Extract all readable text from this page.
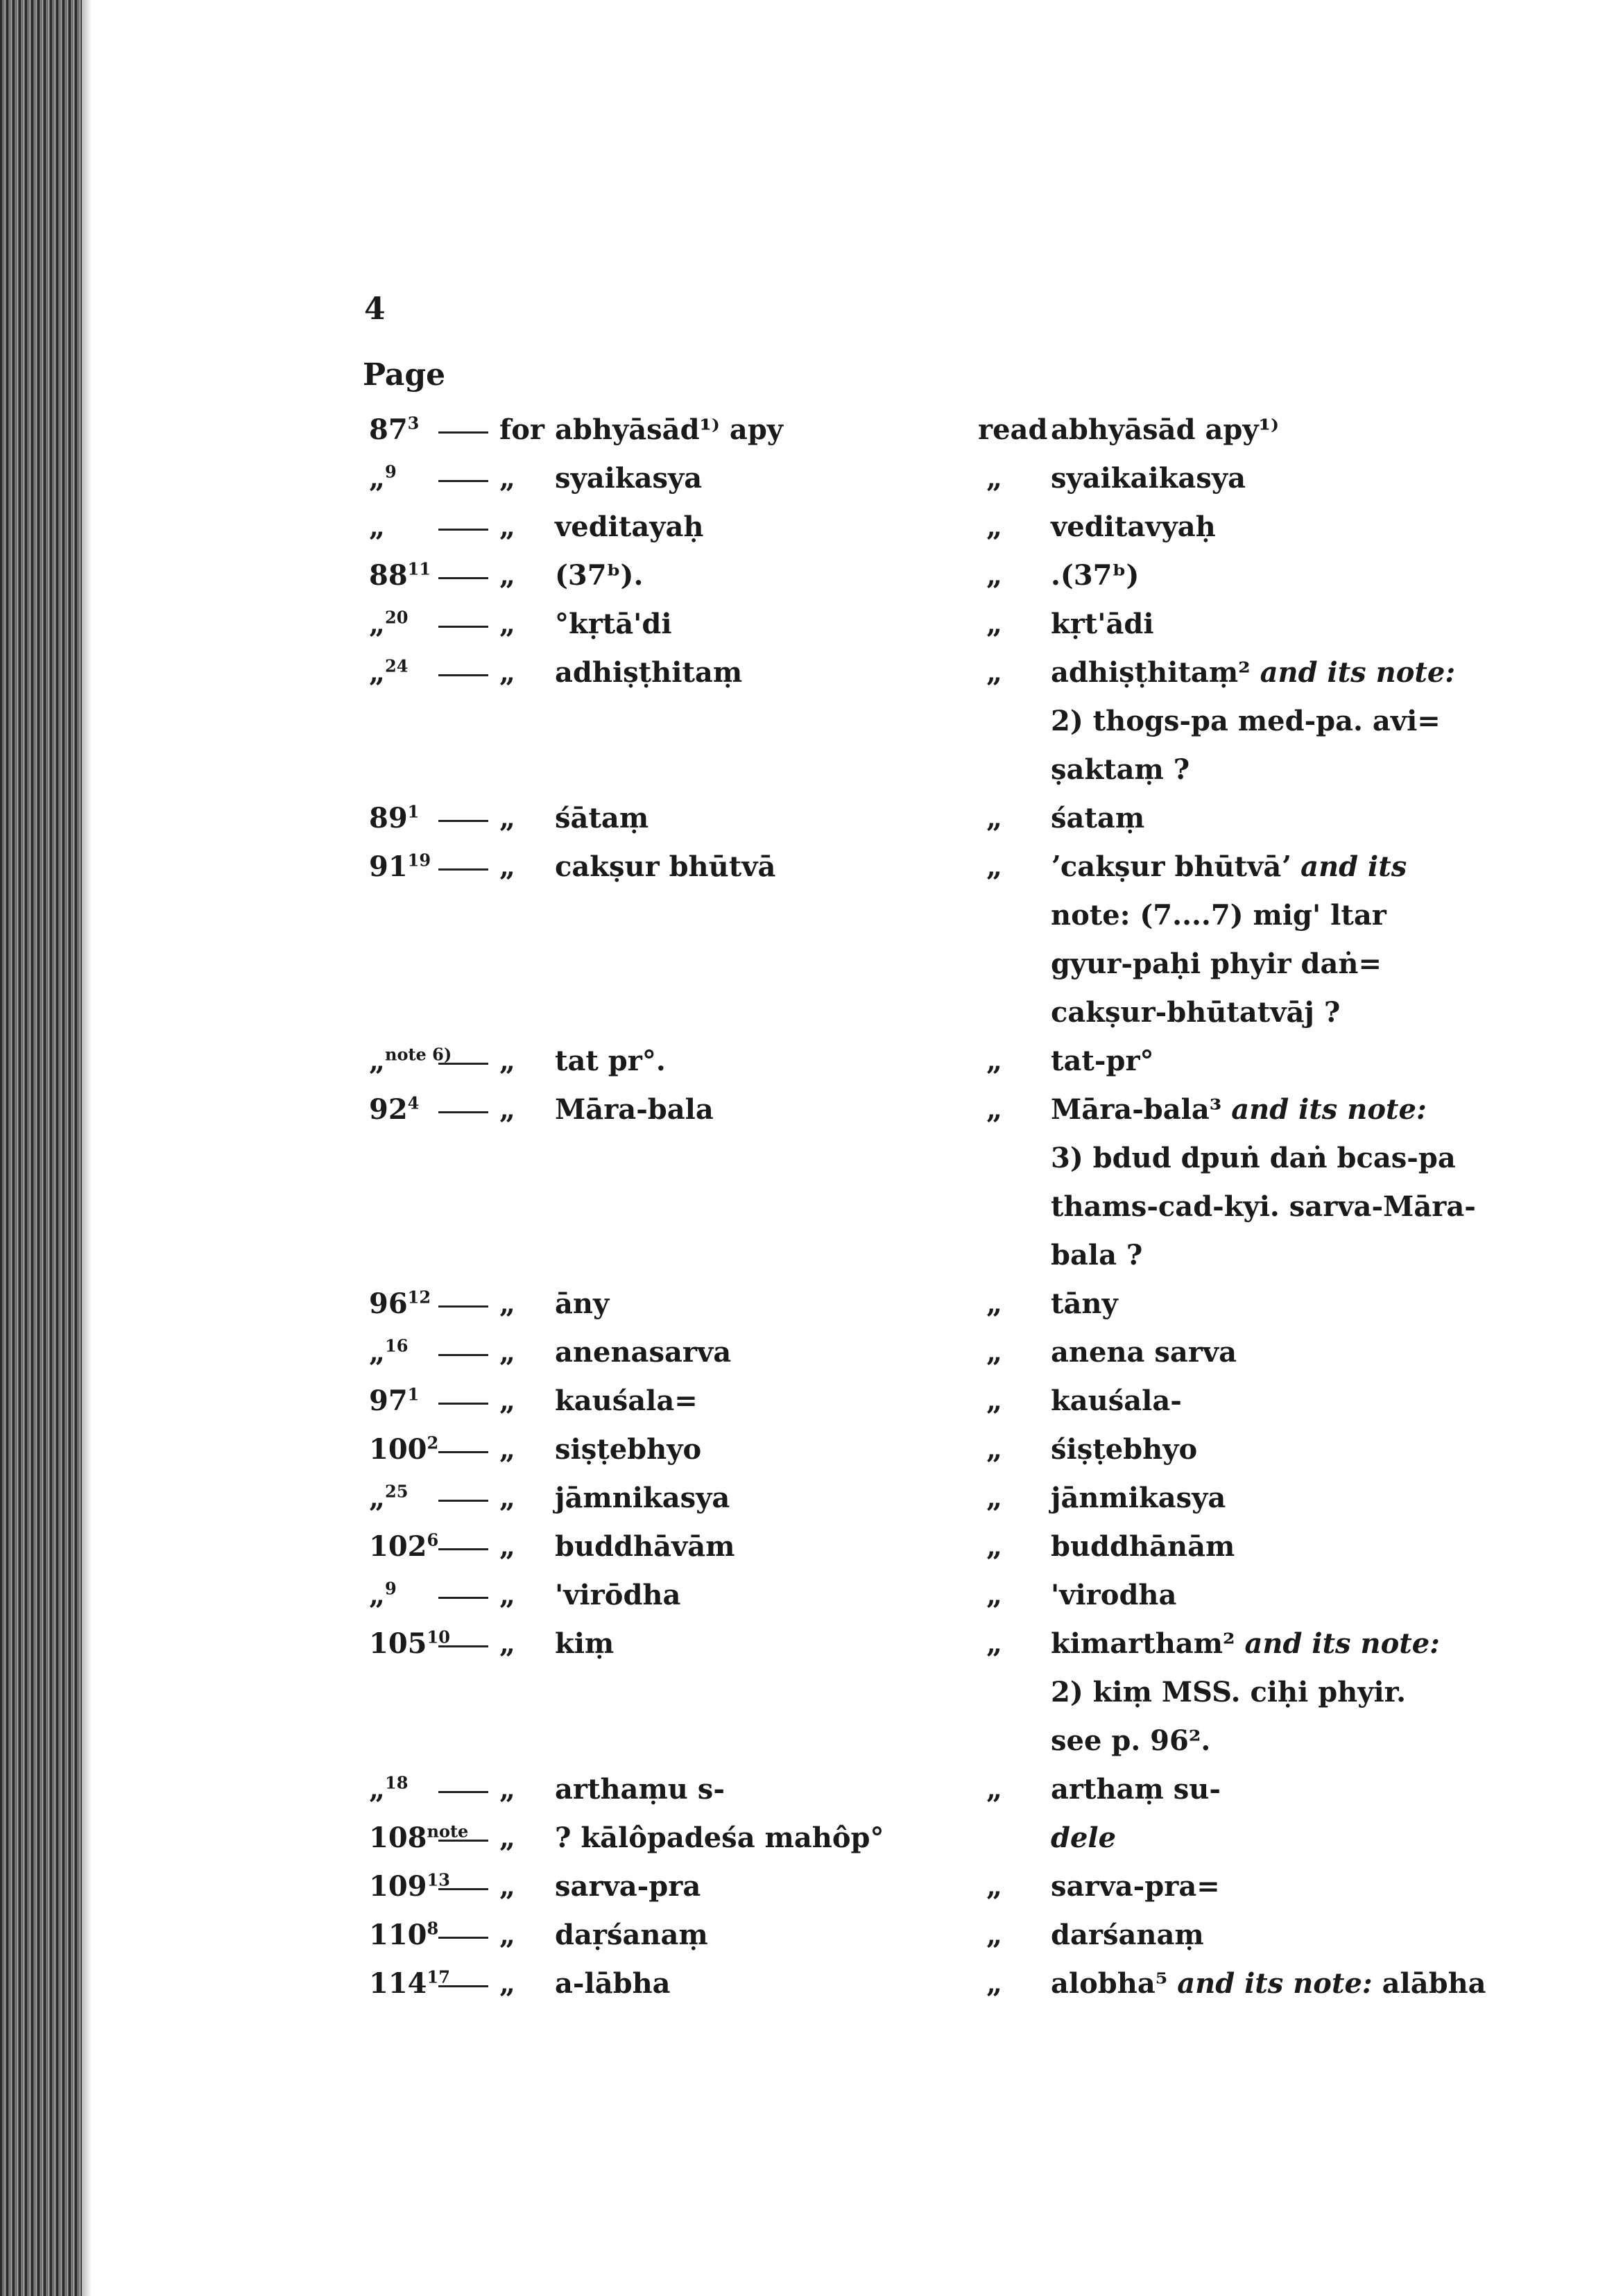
4
Page
$87^3$	for abhyāsād¹⁾ apy	read abhyāsād apy¹⁾
„$^9$	„	syaikasya	„	syaikaikasya
„	„	veditayaḥ	„	veditavyaḥ
$88^{11}$	„	(37ᵇ).	„	.(37ᵇ)
„$^{20}$	„	°kṛtā'di	„	kṛt'ādi
„$^{24}$	„	adhiṣṭhitaṃ	„	adhiṣṭhitaṃ² and its note:
2) thogs-pa med-pa. avi=
ṣaktaṃ ?
$89^1$	„	śātaṃ	„	śataṃ
$91^{19}$	„	cakṣur bhūtvā	„	ʼcakṣur bhūtvāʼ and its
note: (7....7) mig' ltar
gyur-paḥi phyir daṅ=
cakṣur-bhūtatvāj ?
„$^{note 6)}$	„	tat pr°.	„	tat-pr°
$92^4$	„	Māra-bala	„	Māra-bala³ and its note:
3) bdud dpuṅ daṅ bcas-pa
thams-cad-kyi. sarva-Māra-
bala ?
$96^{12}$	„	āny	„	tāny
„$^{16}$	„	anenasarva	„	anena sarva
$97^1$	„	kauśala=	„	kauśala-
$100^2$	„	siṣṭebhyo	„	śiṣṭebhyo
„$^{25}$	„	jāmnikasya	„	jānmikasya
$102^6$	„	buddhāvām	„	buddhānām
„$^9$	„	'virōdha	„	'virodha
$105^{10}$	„	kiṃ	„	kimartham² and its note:
2) kiṃ MSS. ciḥi phyir.
see p. 96².
„$^{18}$	„	arthaṃu s-	„	arthaṃ su-
$108^{note}$	„	? kālôpadeśa mahôp°	dele
$109^{13}$	„	sarva-pra	„	sarva-pra=
$110^8$	„	daṛśanaṃ	„	darśanaṃ
$114^{17}$	„	a-lābha	„	alobha⁵ and its note: alābha
